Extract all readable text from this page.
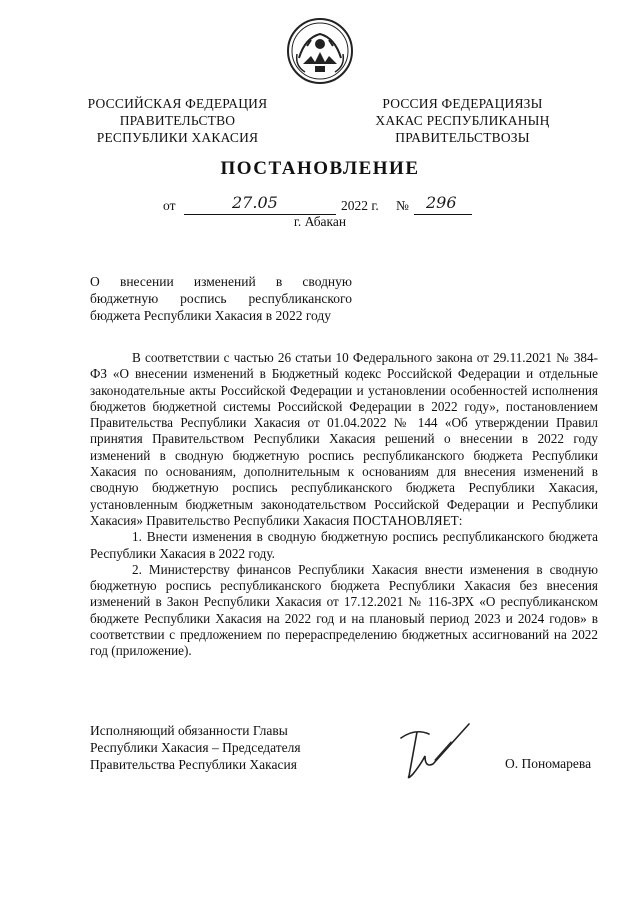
РОССИЙСКАЯ ФЕДЕРАЦИЯ
ПРАВИТЕЛЬСТВО
РЕСПУБЛИКИ ХАКАСИЯ
РОССИЯ ФЕДЕРАЦИЯЗЫ
ХАКАС РЕСПУБЛИКАНЫҢ
ПРАВИТЕЛЬСТВОЗЫ
ПОСТАНОВЛЕНИЕ
от	27.05	2022 г. № 296
г. Абакан
О внесении изменений в сводную бюджетную роспись республиканского бюджета Республики Хакасия в 2022 году

В соответствии с частью 26 статьи 10 Федерального закона от 29.11.2021 № 384-ФЗ «О внесении изменений в Бюджетный кодекс Российской Федерации и отдельные законодательные акты Российской Федерации и установлении особенностей исполнения бюджетов бюджетной системы Российской Федерации в 2022 году», постановлением Правительства Республики Хакасия от 01.04.2022 № 144 «Об утверждении Правил принятия Правительством Республики Хакасия решений о внесении в 2022 году изменений в сводную бюджетную роспись республиканского бюджета Республики Хакасия по основаниям, дополнительным к основаниям для внесения изменений в сводную бюджетную роспись республиканского бюджета Республики Хакасия, установленным бюджетным законодательством Российской Федерации и Республики Хакасия» Правительство Республики Хакасия ПОСТАНОВЛЯЕТ:

1. Внести изменения в сводную бюджетную роспись республиканского бюджета Республики Хакасия в 2022 году.

2. Министерству финансов Республики Хакасия внести изменения в сводную бюджетную роспись республиканского бюджета Республики Хакасия без внесения изменений в Закон Республики Хакасия от 17.12.2021 № 116-ЗРХ «О республиканском бюджете Республики Хакасия на 2022 год и на плановый период 2023 и 2024 годов» в соответствии с предложением по перераспределению бюджетных ассигнований на 2022 год (приложение).

Исполняющий обязанности Главы
Республики Хакасия – Председателя
Правительства Республики Хакасия	О. Пономарева
